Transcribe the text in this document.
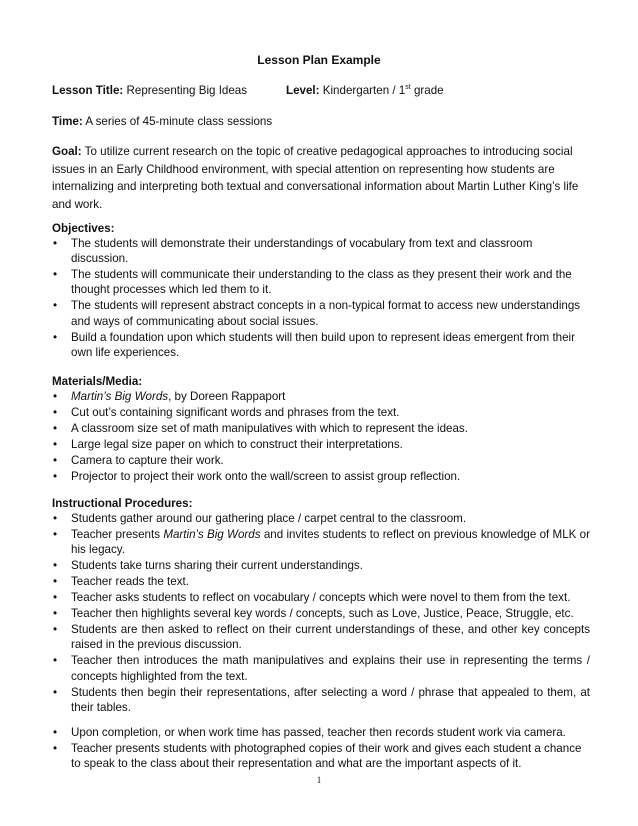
Lesson Plan Example
Lesson Title: Representing Big Ideas	Level: Kindergarten / 1st grade
Time: A series of 45-minute class sessions
Goal: To utilize current research on the topic of creative pedagogical approaches to introducing social issues in an Early Childhood environment, with special attention on representing how students are internalizing and interpreting both textual and conversational information about Martin Luther King’s life and work.
Objectives:
• The students will demonstrate their understandings of vocabulary from text and classroom discussion.
• The students will communicate their understanding to the class as they present their work and the thought processes which led them to it.
• The students will represent abstract concepts in a non-typical format to access new understandings and ways of communicating about social issues.
• Build a foundation upon which students will then build upon to represent ideas emergent from their own life experiences.
Materials/Media:
• Martin’s Big Words, by Doreen Rappaport
• Cut out’s containing significant words and phrases from the text.
• A classroom size set of math manipulatives with which to represent the ideas.
• Large legal size paper on which to construct their interpretations.
• Camera to capture their work.
• Projector to project their work onto the wall/screen to assist group reflection.
Instructional Procedures:
• Students gather around our gathering place / carpet central to the classroom.
• Teacher presents Martin’s Big Words and invites students to reflect on previous knowledge of MLK or his legacy.
• Students take turns sharing their current understandings.
• Teacher reads the text.
• Teacher asks students to reflect on vocabulary / concepts which were novel to them from the text.
• Teacher then highlights several key words / concepts, such as Love, Justice, Peace, Struggle, etc.
• Students are then asked to reflect on their current understandings of these, and other key concepts raised in the previous discussion.
• Teacher then introduces the math manipulatives and explains their use in representing the terms / concepts highlighted from the text.
• Students then begin their representations, after selecting a word / phrase that appealed to them, at their tables.
• Upon completion, or when work time has passed, teacher then records student work via camera.
• Teacher presents students with photographed copies of their work and gives each student a chance to speak to the class about their representation and what are the important aspects of it.
1
